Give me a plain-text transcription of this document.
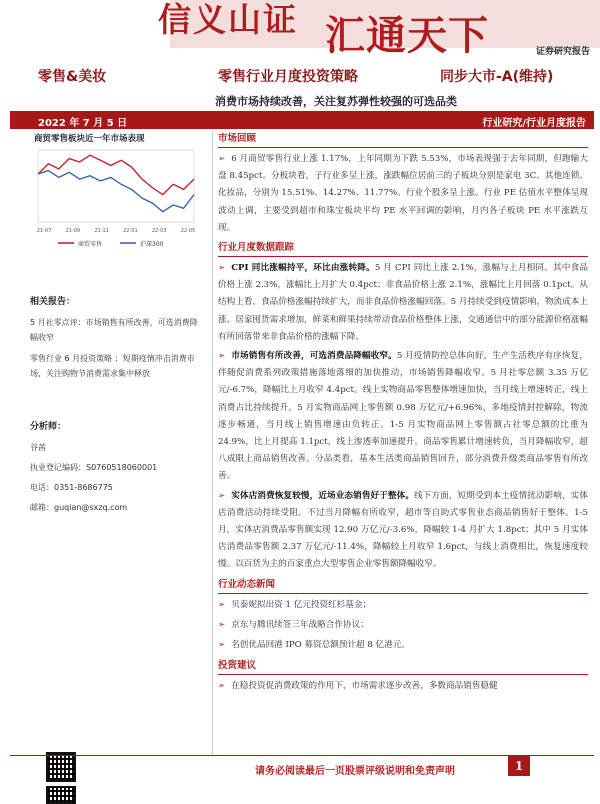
信义山证 汇通天下	证券研究报告
零售&美妆	零售行业月度投资策略	同步大市-A(维持)
消费市场持续改善，关注复苏弹性较强的可选品类
2022 年 7 月 5 日	行业研究/行业月度报告
商贸零售板块近一年市场表现
21-07	21-09	21-11	22-01	22-03	22-05
商贸零售	沪深300

相关报告：

5 月社零点评：市场销售有所改善，可选消费降幅收窄

零售行业 6 月投资策略 ：短期疫情冲击消费市场，关注购物节消费需求集中释放

分析师：

谷茜

执业登记编码：S0760518060001

电话：0351-8686775

邮箱：guqian@sxzq.com

市场回顾

➢ 6 月商贸零售行业上涨 1.17%，上年同期为下跌 5.53%，市场表现强于去年同期，但跑输大盘 8.45pct。分板块看，子行业多呈上涨，涨跌幅位居前三的子板块分别是家电 3C、其他连锁、化妆品，分别为 15.51%、14.27%、11.77%。行业个股多呈上涨。行业 PE 估值水平整体呈现波动上调，主要受到超市和珠宝板块平均 PE 水平回调的影响，月内各子板块 PE 水平涨跌互现。

行业月度数据跟踪

➢ CPI 同比涨幅持平，环比由涨转降。5 月 CPI 同比上涨 2.1%，涨幅与上月相同。其中食品价格上涨 2.3%，涨幅比上月扩大 0.4pct；非食品价格上涨 2.1%，涨幅比上月回落 0.1pct。从结构上看，食品价格涨幅持续扩大，而非食品价格涨幅回落。5 月持续受到疫情影响，物流成本上涨、居家囤货需求增加，鲜菜和鲜果持续带动食品价格整体上涨，交通通信中的部分能源价格涨幅有所回落带来非食品价格的涨幅下降。

➢ 市场销售有所改善，可选消费品降幅收窄。5 月疫情防控总体向好，生产生活秩序有序恢复，伴随促消费系列政策措施落地落细的加快推动，市场销售降幅收窄。5 月社零总额 3.35 万亿元/-6.7%，降幅比上月收窄 4.4pct。线上实物商品零售整体增速加快，当月线上增速转正，线上消费占比持续提升。5 月实物商品网上零售额 0.98 万亿元/+6.96%，多地疫情封控解除，物流逐步畅通，当月线上销售增速由负转正。1-5 月实物商品网上零售额占社零总额的比重为 24.9%，比上月提高 1.1pct，线上渗透率加速提升。商品零售累计增速转负，当月降幅收窄，超八成限上商品销售改善。分品类看，基本生活类商品销售回升，部分消费升级类商品零售有所改善。

➢ 实体店消费恢复较慢，近场业态销售好于整体。线下方面，短期受到本土疫情扰动影响，实体店消费活动持续受阻。不过当月降幅有所收窄，超市等自助式零售业态商品销售好于整体。1-5 月，实体店消费品零售额实现 12.90 万亿元/-3.6%，降幅较 1-4 月扩大 1.8pct；其中 5 月实体店消费品零售额 2.37 万亿元/-11.4%，降幅较上月收窄 1.6pct，与线上消费相比，恢复速度较慢。以百货为主的百家重点大型零售企业零售额降幅收窄。

行业动态新闻

➢ 贝泰妮拟出资 1 亿元投资红杉基金；

➢ 京东与腾讯续签三年战略合作协议；

➢ 名创优品回港 IPO 募资总额预计超 8 亿港元。

投资建议

➢ 在稳投资促消费政策的作用下，市场需求逐步改善，多数商品销售稳健

请务必阅读最后一页股票评级说明和免责声明	1
